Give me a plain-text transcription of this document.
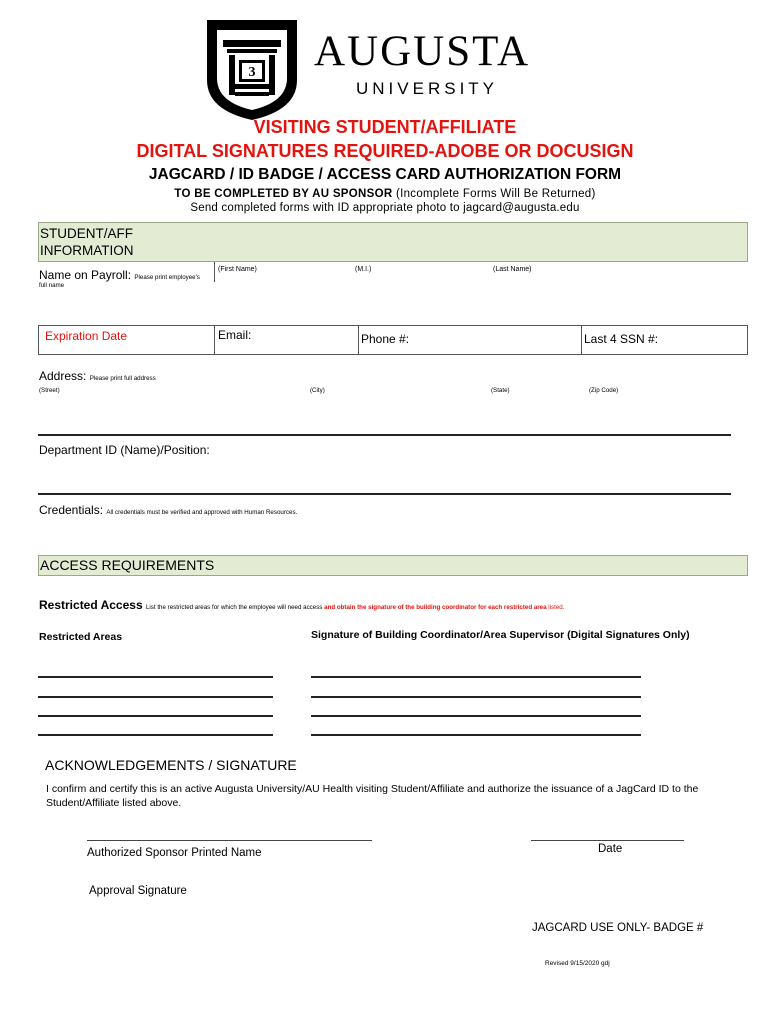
3 AUGUSTA
UNIVERSITY
VISITING STUDENT/AFFILIATE
DIGITAL SIGNATURES REQUIRED-ADOBE OR DOCUSIGN
JAGCARD / ID BADGE / ACCESS CARD AUTHORIZATION FORM
TO BE COMPLETED BY AU SPONSOR (Incomplete Forms Will Be Returned)
Send completed forms with ID appropriate photo to jagcard@augusta.edu
STUDENT/AFF
INFORMATION
Name on Payroll: Please print employee's
full name
(First Name)	(M.I.)	(Last Name)
Expiration Date	Email:	Phone #:	Last 4 SSN #:
Address: Please print full address
(Street)	(City)	(State)	(Zip Code)
Department ID (Name)/Position:
Credentials: All credentials must be verified and approved with Human Resources.
ACCESS REQUIREMENTS
Restricted Access List the restricted areas for which the employee will need access and obtain the signature of the building coordinator for each restricted area listed.
Restricted Areas	Signature of Building Coordinator/Area Supervisor (Digital Signatures Only)
ACKNOWLEDGEMENTS / SIGNATURE
I confirm and certify this is an active Augusta University/AU Health visiting Student/Affiliate and authorize the issuance of a JagCard ID to the
Student/Affiliate listed above.
Authorized Sponsor Printed Name	Date
Approval Signature
JAGCARD USE ONLY- BADGE #
Revised 9/15/2020 gdj
